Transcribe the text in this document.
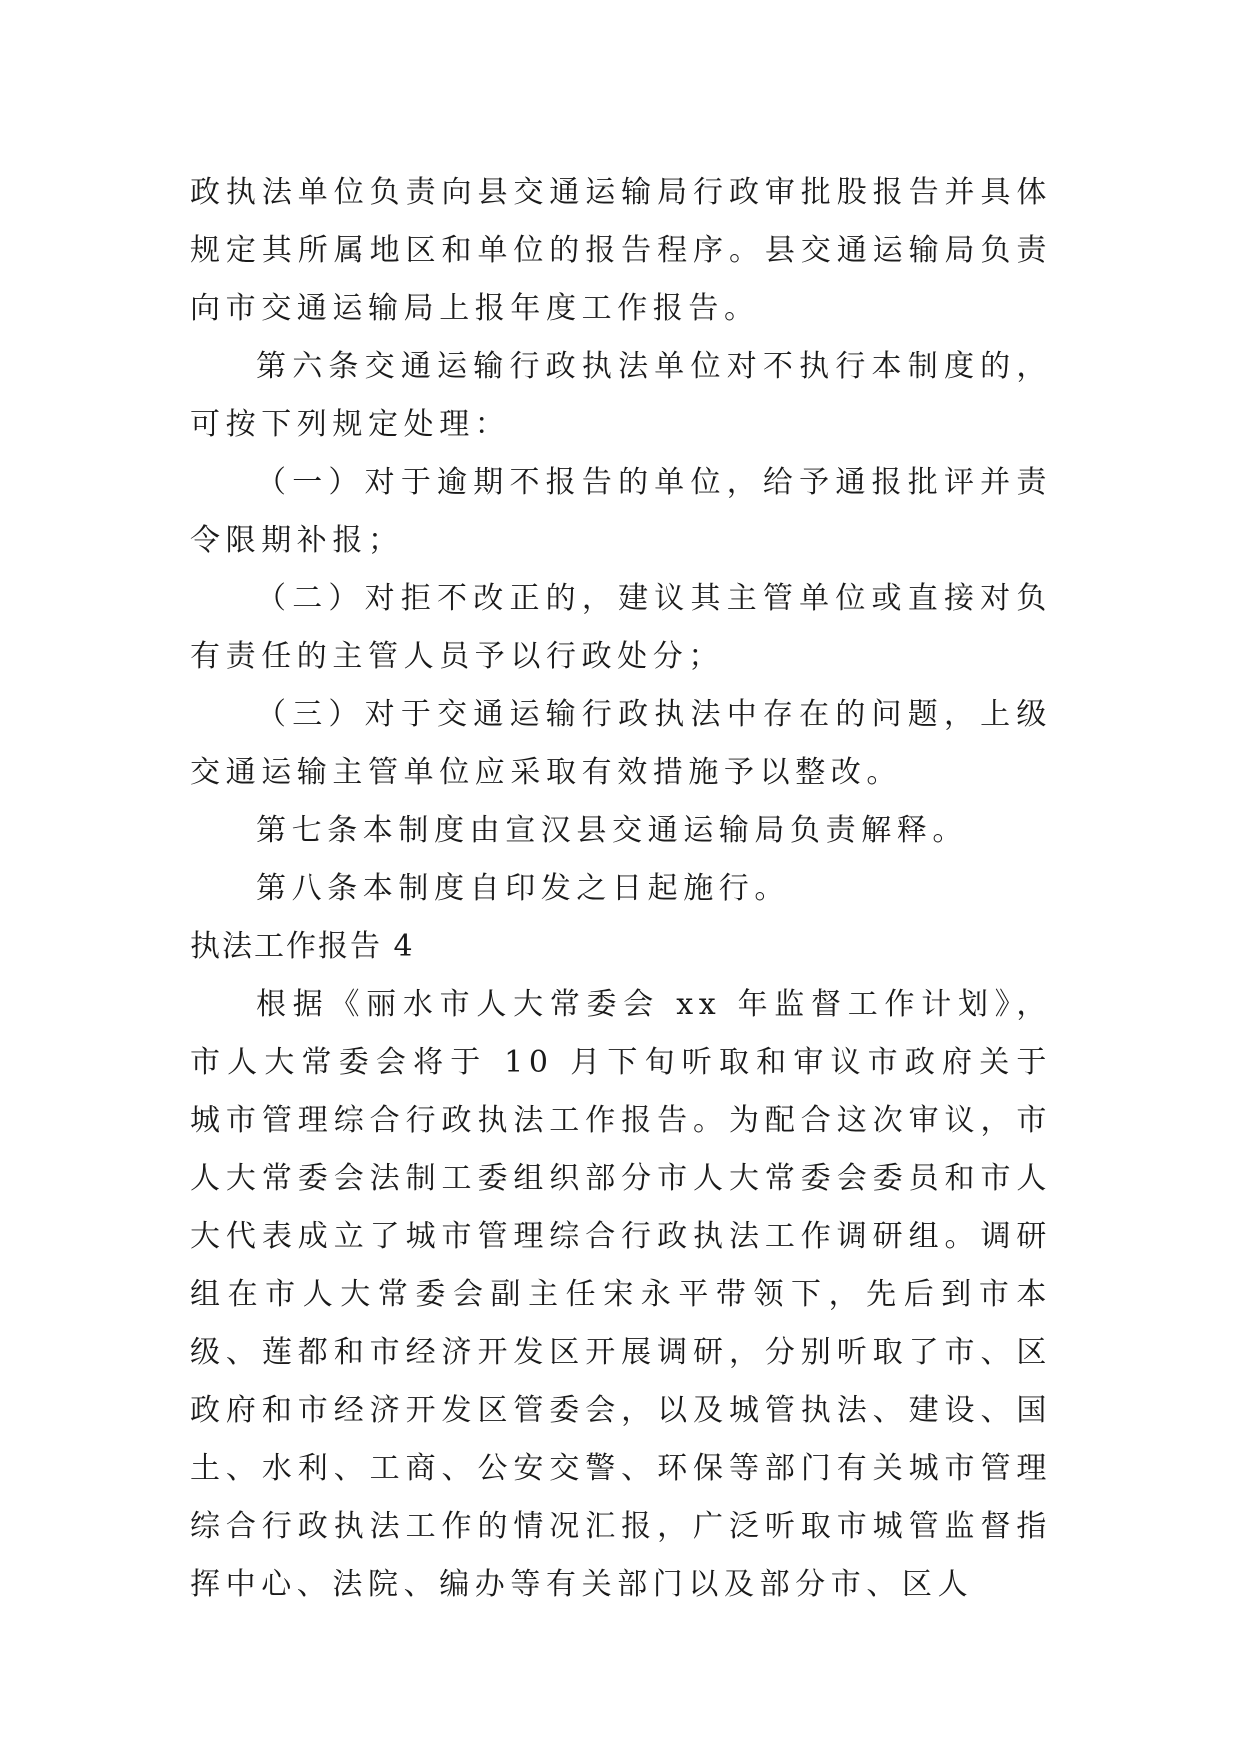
政执法单位负责向县交通运输局行政审批股报告并具体规定其所属地区和单位的报告程序。县交通运输局负责向市交通运输局上报年度工作报告。

第六条交通运输行政执法单位对不执行本制度的，可按下列规定处理：

（一）对于逾期不报告的单位，给予通报批评并责令限期补报；

（二）对拒不改正的，建议其主管单位或直接对负有责任的主管人员予以行政处分；

（三）对于交通运输行政执法中存在的问题，上级交通运输主管单位应采取有效措施予以整改。

第七条本制度由宣汉县交通运输局负责解释。

第八条本制度自印发之日起施行。

执法工作报告 4

根据《丽水市人大常委会 xx 年监督工作计划》，市人大常委会将于 10 月下旬听取和审议市政府关于城市管理综合行政执法工作报告。为配合这次审议，市人大常委会法制工委组织部分市人大常委会委员和市人大代表成立了城市管理综合行政执法工作调研组。调研组在市人大常委会副主任宋永平带领下，先后到市本级、莲都和市经济开发区开展调研，分别听取了市、区政府和市经济开发区管委会，以及城管执法、建设、国土、水利、工商、公安交警、环保等部门有关城市管理综合行政执法工作的情况汇报，广泛听取市城管监督指挥中心、法院、编办等有关部门以及部分市、区人
